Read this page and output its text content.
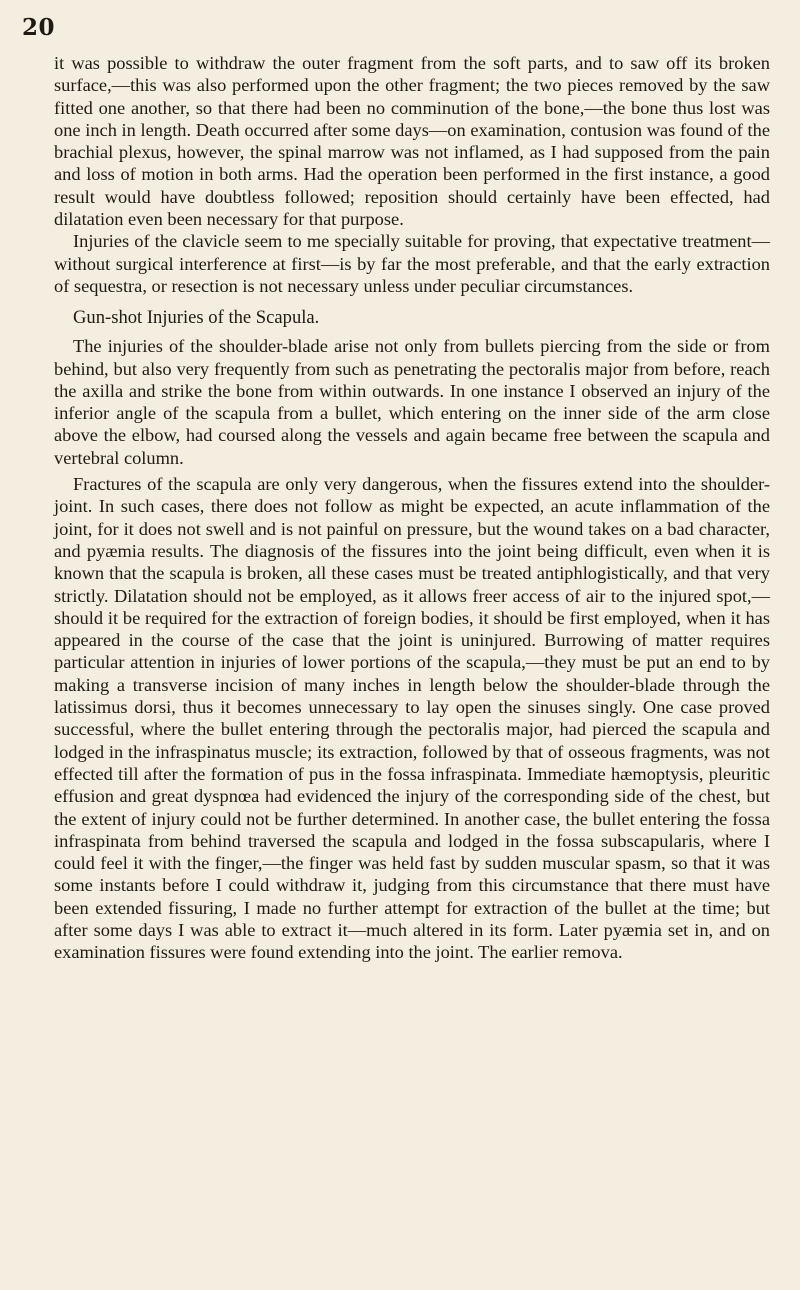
20

it was possible to withdraw the outer fragment from the soft parts, and to saw off its broken surface,—this was also performed upon the other fragment; the two pieces removed by the saw fitted one another, so that there had been no comminution of the bone,—the bone thus lost was one inch in length. Death occurred after some days—on examination, contusion was found of the brachial plexus, however, the spinal marrow was not inflamed, as I had supposed from the pain and loss of motion in both arms. Had the operation been performed in the first instance, a good result would have doubtless followed; reposition should certainly have been effected, had dilatation even been necessary for that purpose.

Injuries of the clavicle seem to me specially suitable for proving, that expectative treatment—without surgical interference at first—is by far the most preferable, and that the early extraction of sequestra, or resection is not necessary unless under peculiar circumstances.

Gun-shot Injuries of the Scapula.

The injuries of the shoulder-blade arise not only from bullets piercing from the side or from behind, but also very frequently from such as penetrating the pectoralis major from before, reach the axilla and strike the bone from within outwards. In one instance I observed an injury of the inferior angle of the scapula from a bullet, which entering on the inner side of the arm close above the elbow, had coursed along the vessels and again became free between the scapula and vertebral column.

Fractures of the scapula are only very dangerous, when the fissures extend into the shoulder-joint. In such cases, there does not follow as might be expected, an acute inflammation of the joint, for it does not swell and is not painful on pressure, but the wound takes on a bad character, and pyæmia results. The diagnosis of the fissures into the joint being difficult, even when it is known that the scapula is broken, all these cases must be treated antiphlogistically, and that very strictly. Dilatation should not be employed, as it allows freer access of air to the injured spot,—should it be required for the extraction of foreign bodies, it should be first employed, when it has appeared in the course of the case that the joint is uninjured. Burrowing of matter requires particular attention in injuries of lower portions of the scapula,—they must be put an end to by making a transverse incision of many inches in length below the shoulder-blade through the latissimus dorsi, thus it becomes unnecessary to lay open the sinuses singly. One case proved successful, where the bullet entering through the pectoralis major, had pierced the scapula and lodged in the infraspinatus muscle; its extraction, followed by that of osseous fragments, was not effected till after the formation of pus in the fossa infraspinata. Immediate hæmoptysis, pleuritic effusion and great dyspnœa had evidenced the injury of the corresponding side of the chest, but the extent of injury could not be further determined. In another case, the bullet entering the fossa infraspinata from behind traversed the scapula and lodged in the fossa subscapularis, where I could feel it with the finger,—the finger was held fast by sudden muscular spasm, so that it was some instants before I could withdraw it, judging from this circumstance that there must have been extended fissuring, I made no further attempt for extraction of the bullet at the time; but after some days I was able to extract it—much altered in its form. Later pyæmia set in, and on examination fissures were found extending into the joint. The earlier remova.
